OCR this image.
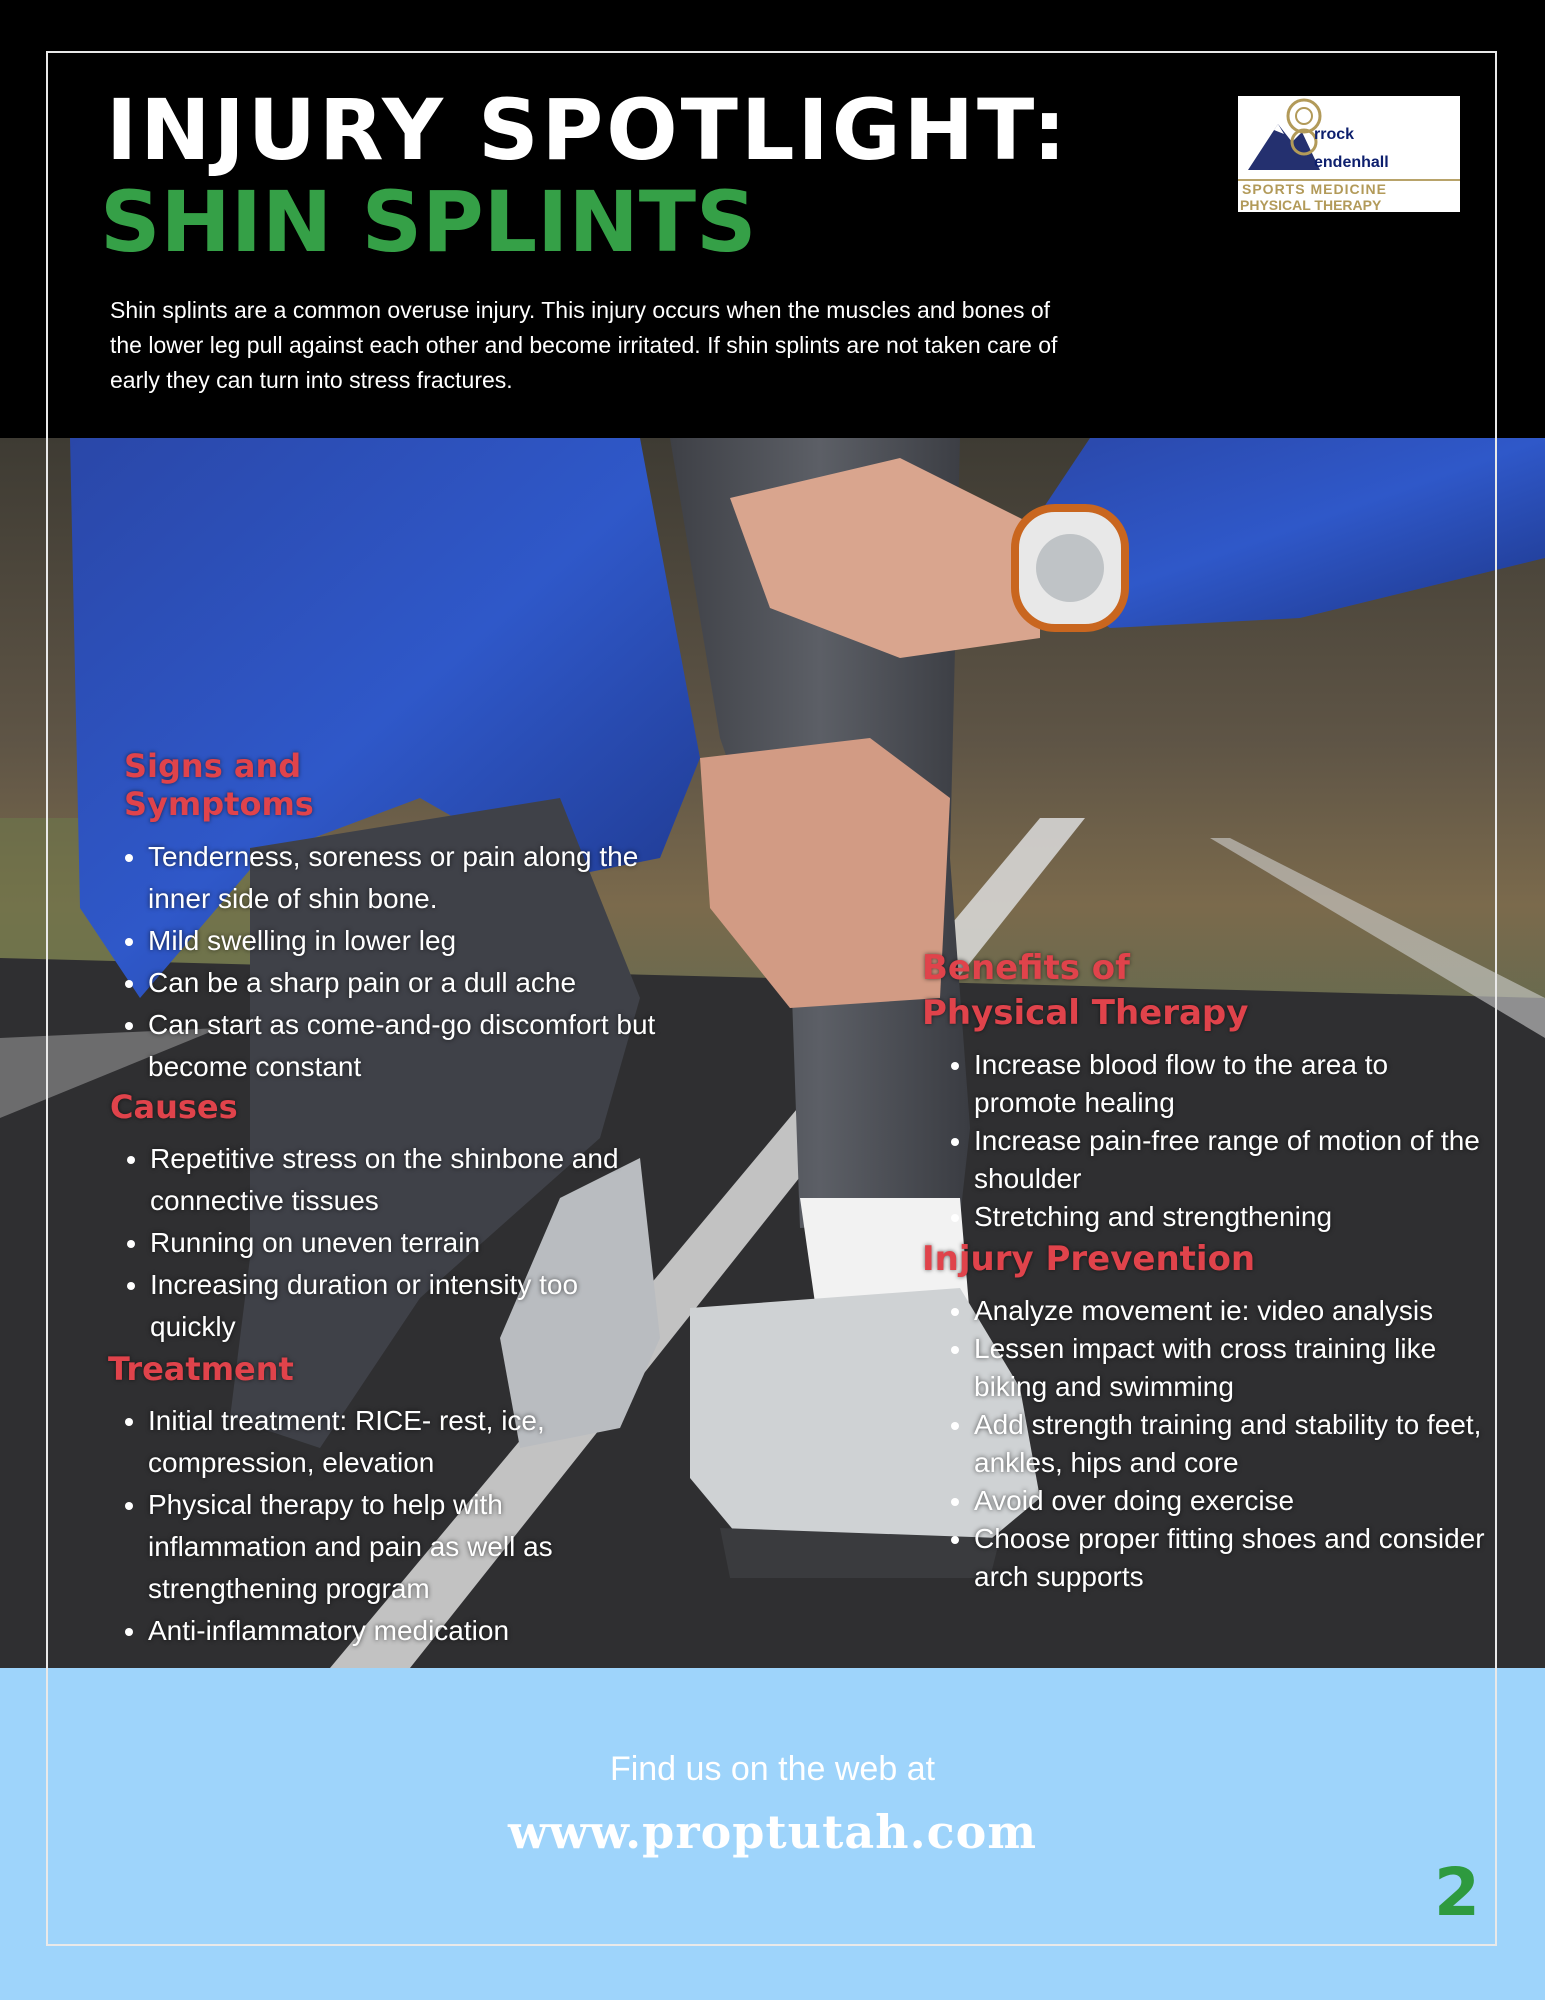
INJURY SPOTLIGHT:
SHIN SPLINTS
Shin splints are a common overuse injury. This injury occurs when the muscles and bones of the lower leg pull against each other and become irritated. If shin splints are not taken care of early they can turn into stress fractures.
rrock
endenhall
SPORTS MEDICINE
PHYSICAL THERAPY
Signs and
Symptoms
• Tenderness, soreness or pain along the inner side of shin bone.
• Mild swelling in lower leg
• Can be a sharp pain or a dull ache
• Can start as come-and-go discomfort but become constant
Causes
• Repetitive stress on the shinbone and connective tissues
• Running on uneven terrain
• Increasing duration or intensity too quickly
Treatment
• Initial treatment: RICE- rest, ice, compression, elevation
• Physical therapy to help with inflammation and pain as well as strengthening program
• Anti-inflammatory medication
Benefits of
Physical Therapy
• Increase blood flow to the area to promote healing
• Increase pain-free range of motion of the shoulder
• Stretching and strengthening
Injury Prevention
• Analyze movement ie: video analysis
• Lessen impact with cross training like biking and swimming
• Add strength training and stability to feet, ankles, hips and core
• Avoid over doing exercise
• Choose proper fitting shoes and consider arch supports
Find us on the web at
www.proptutah.com
2
